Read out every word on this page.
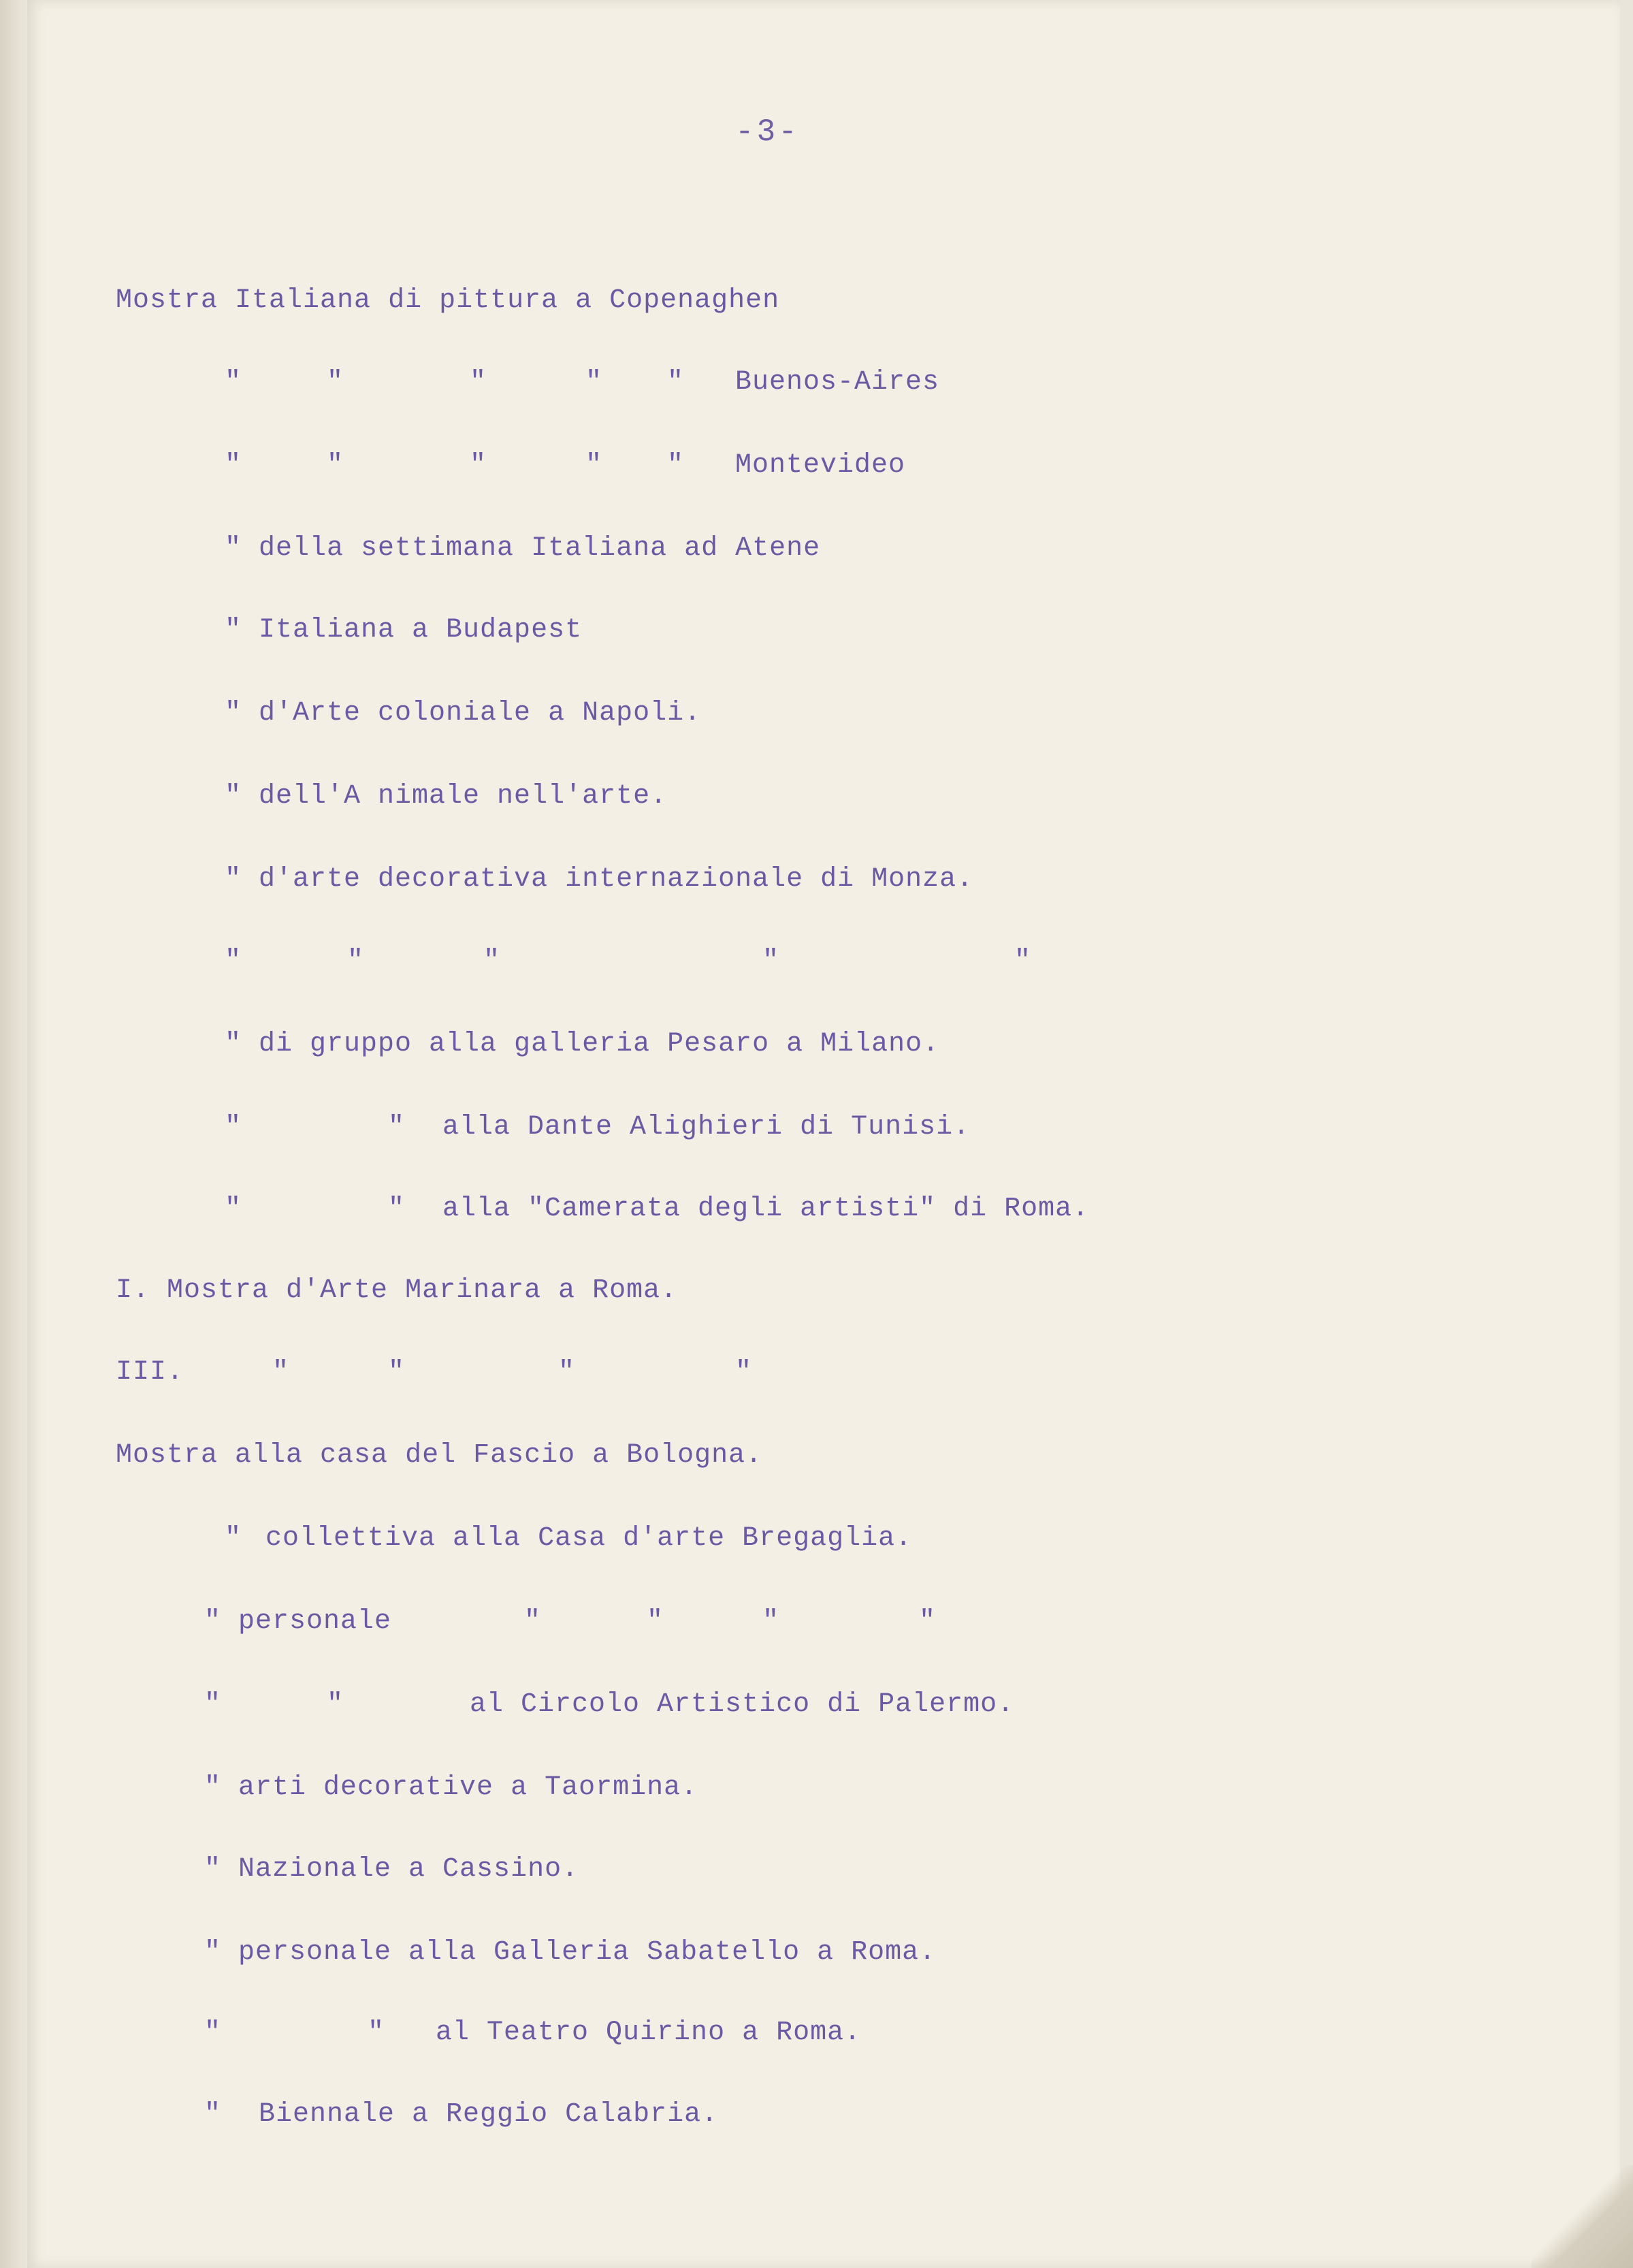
-3-

Mostra Italiana di pittura a Copenaghen

"

	"

	"

	"

"

Buenos-Aires

"

	"

	"

	"

"

Montevideo

"

della settimana Italiana ad Atene

"

Italiana a Budapest

"

d'Arte coloniale a Napoli.

"

dell'A nimale nell'arte.

"

d'arte decorativa internazionale di Monza.

"

	"

	"

	"

	"

"

di gruppo alla galleria Pesaro a Milano.

"

	"

alla Dante Alighieri di Tunisi.

"

	"

alla "Camerata degli artisti" di Roma.

I. Mostra d'Arte Marinara a Roma.

III.

	"

	"

	"

	"

Mostra alla casa del Fascio a Bologna.

"

collettiva alla Casa d'arte Bregaglia.

"

personale

	"

	"

	"

	"

"

	"

	al Circolo Artistico di Palermo.

"

arti decorative a Taormina.

"

Nazionale a Cassino.

"

personale alla Galleria Sabatello a Roma.

"

	"

al Teatro Quirino a Roma.

"

Biennale a Reggio Calabria.
